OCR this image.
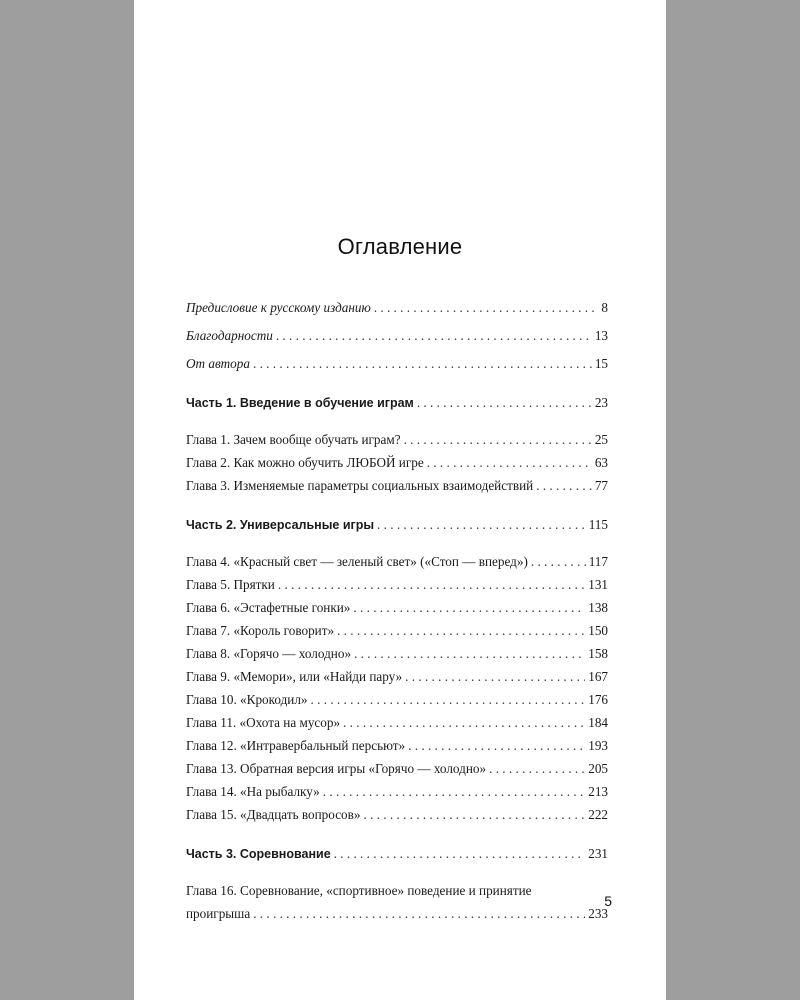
Оглавление
Предисловие к русскому изданию . . .	8
Благодарности . . .	13
От автора . . .	15
Часть 1. Введение в обучение играм . . .	23
Глава 1. Зачем вообще обучать играм? . . .	25
Глава 2. Как можно обучить ЛЮБОЙ игре . . .	63
Глава 3. Изменяемые параметры социальных взаимодействий . . .	77
Часть 2. Универсальные игры . . .	115
Глава 4. «Красный свет — зеленый свет» («Стоп — вперед») . . .	117
Глава 5. Прятки . . .	131
Глава 6. «Эстафетные гонки» . . .	138
Глава 7. «Король говорит» . . .	150
Глава 8. «Горячо — холодно» . . .	158
Глава 9. «Мемори», или «Найди пару» . . .	167
Глава 10. «Крокодил» . . .	176
Глава 11. «Охота на мусор» . . .	184
Глава 12. «Интравербальный персьют» . . .	193
Глава 13. Обратная версия игры «Горячо — холодно» . . .	205
Глава 14. «На рыбалку» . . .	213
Глава 15. «Двадцать вопросов» . . .	222
Часть 3. Соревнование . . .	231
Глава 16. Соревнование, «спортивное» поведение и принятие
проигрыша . . .	233
5
